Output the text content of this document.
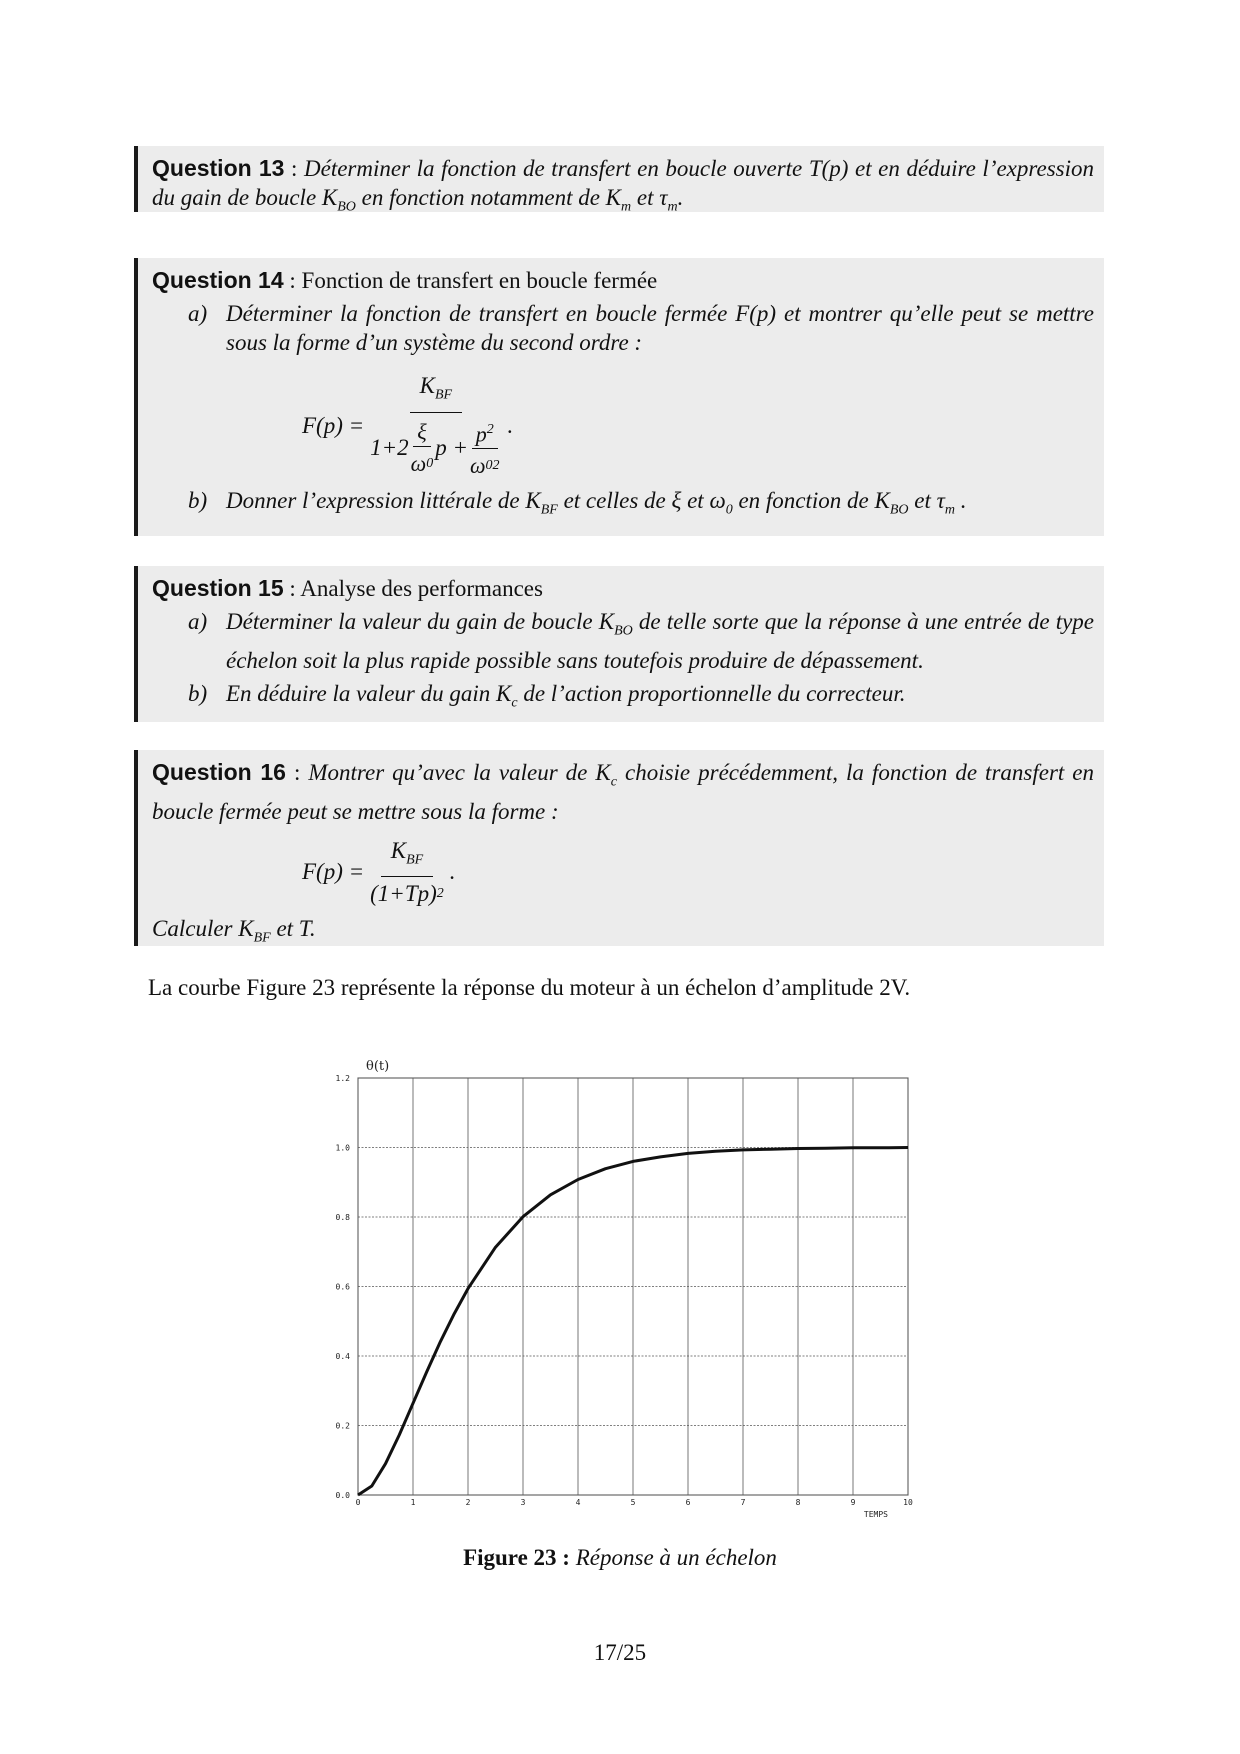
Question 13 : Déterminer la fonction de transfert en boucle ouverte T(p) et en déduire l’expression du gain de boucle $K_{BO}$ en fonction notamment de $K_m$ et $\tau_m$.
Question 14 : Fonction de transfert en boucle fermée
a) Déterminer la fonction de transfert en boucle fermée F(p) et montrer qu’elle peut se mettre sous la forme d’un système du second ordre :
F(p) =
$K_{BF}$
$1+2 \frac{\xi}{\omega 0}$ $p + \frac{p^2}{\omega 0 2}$ .
b) Donner l’expression littérale de $K_{BF}$ et celles de ξ et $\omega_0$ en fonction de $K_{BO}$ et $\tau_m$ .
Question 15 : Analyse des performances
a) Déterminer la valeur du gain de boucle $K_{BO}$ de telle sorte que la réponse à une entrée de type échelon soit la plus rapide possible sans toutefois produire de dépassement.
b) En déduire la valeur du gain $K_c$ de l’action proportionnelle du correcteur.
Question 16 : Montrer qu’avec la valeur de $K_c$ choisie précédemment, la fonction de transfert en boucle fermée peut se mettre sous la forme :
$F(p) = \frac{K_{BF}}{(1+Tp) 2}$ .
Calculer $K_{BF}$ et T.
La courbe Figure 23 représente la réponse du moteur à un échelon d’amplitude 2V.
0	1	2	3	4	5	6	7	8	9	10
0.0
0.2
0.4
0.6
0.8
1.0
1.2
θ(t)
TEMPS
Figure 23 : Réponse à un échelon
17/25
